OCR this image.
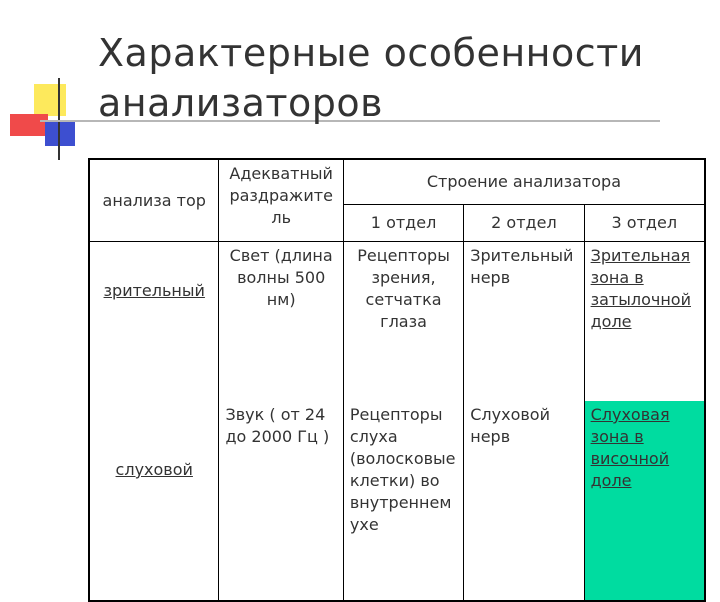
Характерные особенности
анализаторов
анализа тор	Адекватный раздражите ль	Строение анализатора		
		1 отдел	2 отдел	3 отдел
зрительный	Свет (длина волны 500 нм)	Рецепторы зрения, сетчатка глаза	Зрительный нерв	Зрительная зона в затылочной доле
слуховой	Звук ( от 24 до 2000 Гц )	Рецепторы слуха (волосковые клетки) во внутреннем ухе	Слуховой нерв	Слуховая зона в височной доле
